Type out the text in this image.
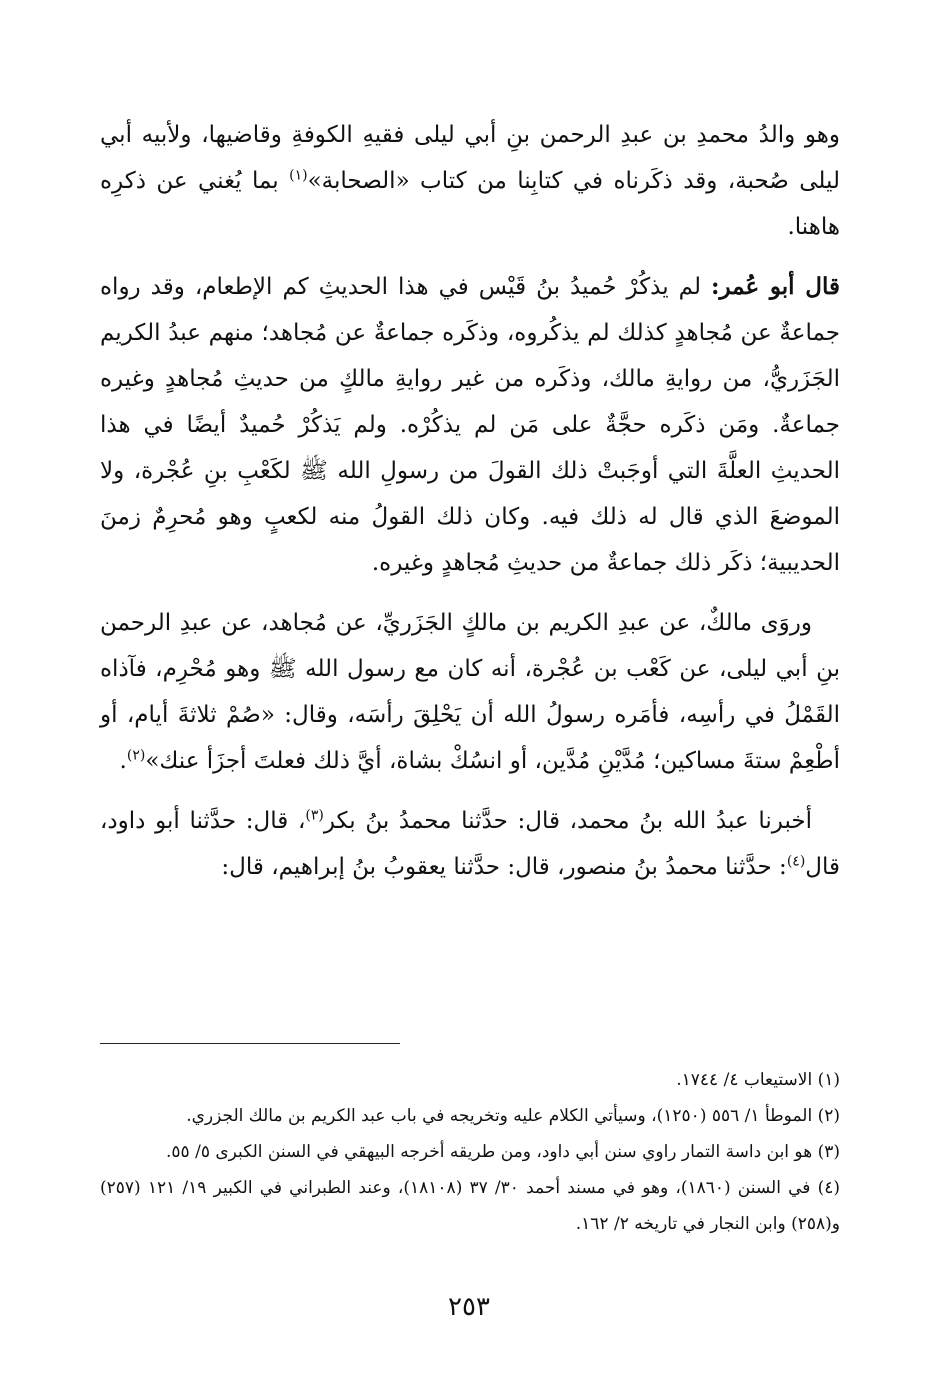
وهو والدُ محمدِ بن عبدِ الرحمن بنِ أبي ليلى فقيهِ الكوفةِ وقاضيها، ولأبيه أبي ليلى صُحبة، وقد ذكَرناه في كتابِنا من كتاب «الصحابة»$^{(١)}$ بما يُغني عن ذكرِه هاهنا.

قال أبو عُمر: لم يذكُرْ حُميدُ بنُ قَيْس في هذا الحديثِ كم الإطعام، وقد رواه جماعةٌ عن مُجاهدٍ كذلك لم يذكُروه، وذكَره جماعةٌ عن مُجاهد؛ منهم عبدُ الكريم الجَزَريُّ، من روايةِ مالك، وذكَره من غير روايةِ مالكٍ من حديثِ مُجاهدٍ وغيره جماعةٌ. ومَن ذكَره حجَّةٌ على مَن لم يذكُرْه. ولم يَذكُرْ حُميدٌ أيضًا في هذا الحديثِ العلَّةَ التي أوجَبتْ ذلك القولَ من رسولِ الله ﷺ لكَعْبِ بنِ عُجْرة، ولا الموضعَ الذي قال له ذلك فيه. وكان ذلك القولُ منه لكعبٍ وهو مُحرِمٌ زمنَ الحديبية؛ ذكَر ذلك جماعةٌ من حديثِ مُجاهدٍ وغيره.

وروَى مالكٌ، عن عبدِ الكريم بن مالكٍ الجَزَريِّ، عن مُجاهد، عن عبدِ الرحمن بنِ أبي ليلى، عن كَعْب بن عُجْرة، أنه كان مع رسول الله ﷺ وهو مُحْرِم، فآذاه القَمْلُ في رأسِه، فأمَره رسولُ الله أن يَحْلِقَ رأسَه، وقال: «صُمْ ثلاثةَ أيام، أو أطْعِمْ ستةَ مساكين؛ مُدَّيْنِ مُدَّين، أو انسُكْ بشاة، أيَّ ذلك فعلتَ أجزَأ عنك»$^{(٢)}$.

أخبرنا عبدُ الله بنُ محمد، قال: حدَّثنا محمدُ بنُ بكر$^{(٣)}$، قال: حدَّثنا أبو داود، قال$^{(٤)}$: حدَّثنا محمدُ بنُ منصور، قال: حدَّثنا يعقوبُ بنُ إبراهيم، قال:

(١) الاستيعاب ٤/ ١٧٤٤.

(٢) الموطأ ١/ ٥٥٦ (١٢٥٠)، وسيأتي الكلام عليه وتخريجه في باب عبد الكريم بن مالك الجزري.

(٣) هو ابن داسة التمار راوي سنن أبي داود، ومن طريقه أخرجه البيهقي في السنن الكبرى ٥/ ٥٥.

(٤) في السنن (١٨٦٠)، وهو في مسند أحمد ٣٠/ ٣٧ (١٨١٠٨)، وعند الطبراني في الكبير ١٩/ ١٢١ (٢٥٧) و(٢٥٨) وابن النجار في تاريخه ٢/ ١٦٢.

٢٥٣
